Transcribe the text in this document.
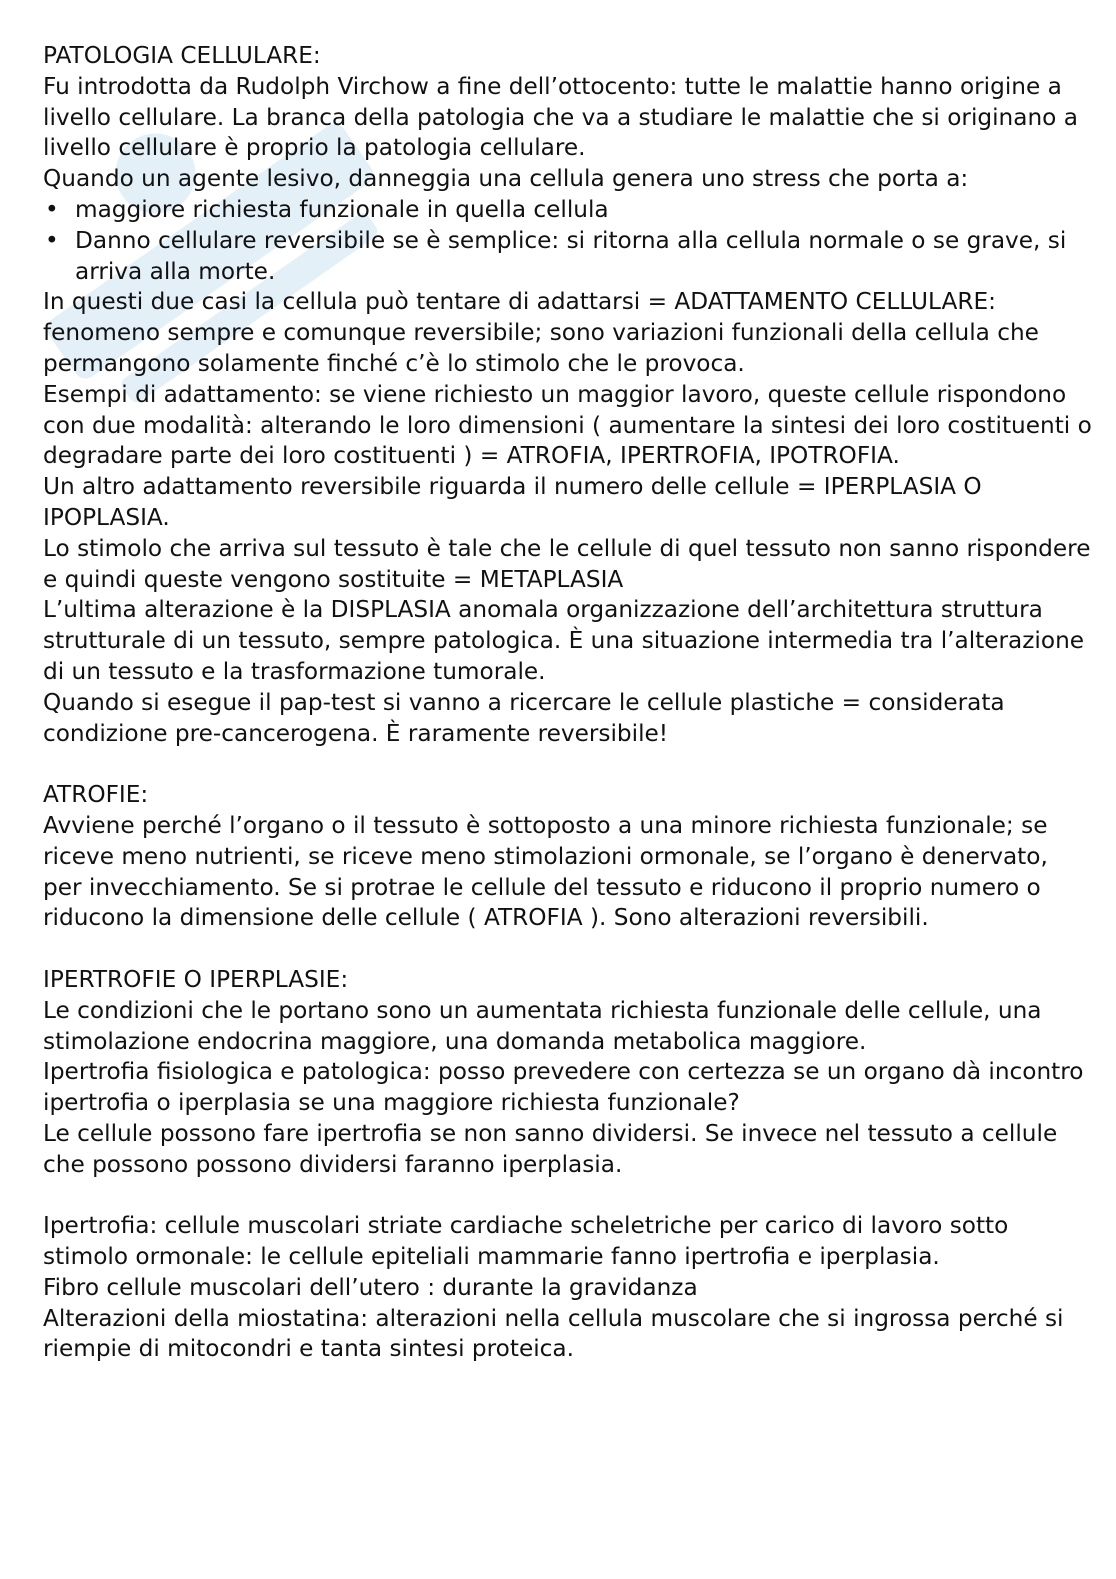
PATOLOGIA CELLULARE:

Fu introdotta da Rudolph Virchow a fine dell’ottocento: tutte le malattie hanno origine a livello cellulare. La branca della patologia che va a studiare le malattie che si originano a livello cellulare è proprio la patologia cellulare.

Quando un agente lesivo, danneggia una cellula genera uno stress che porta a:

• maggiore richiesta funzionale in quella cellula
• Danno cellulare reversibile se è semplice: si ritorna alla cellula normale o se grave, si arriva alla morte.

In questi due casi la cellula può tentare di adattarsi = ADATTAMENTO CELLULARE: fenomeno sempre e comunque reversibile; sono variazioni funzionali della cellula che permangono solamente finché c’è lo stimolo che le provoca.

Esempi di adattamento: se viene richiesto un maggior lavoro, queste cellule rispondono con due modalità: alterando le loro dimensioni ( aumentare la sintesi dei loro costituenti o degradare parte dei loro costituenti ) = ATROFIA, IPERTROFIA, IPOTROFIA.

Un altro adattamento reversibile riguarda il numero delle cellule = IPERPLASIA O IPOPLASIA.

Lo stimolo che arriva sul tessuto è tale che le cellule di quel tessuto non sanno rispondere e quindi queste vengono sostituite = METAPLASIA

L’ultima alterazione è la DISPLASIA anomala organizzazione dell’architettura struttura strutturale di un tessuto, sempre patologica. È una situazione intermedia tra l’alterazione di un tessuto e la trasformazione tumorale.

Quando si esegue il pap-test si vanno a ricercare le cellule plastiche = considerata condizione pre-cancerogena. È raramente reversibile!

ATROFIE:

Avviene perché l’organo o il tessuto è sottoposto a una minore richiesta funzionale; se riceve meno nutrienti, se riceve meno stimolazioni ormonale, se l’organo è denervato, per invecchiamento. Se si protrae le cellule del tessuto e riducono il proprio numero o riducono la dimensione delle cellule ( ATROFIA ). Sono alterazioni reversibili.

IPERTROFIE O IPERPLASIE:

Le condizioni che le portano sono un aumentata richiesta funzionale delle cellule, una stimolazione endocrina maggiore, una domanda metabolica maggiore.

Ipertrofia fisiologica e patologica: posso prevedere con certezza se un organo dà incontro ipertrofia o iperplasia se una maggiore richiesta funzionale?

Le cellule possono fare ipertrofia se non sanno dividersi. Se invece nel tessuto a cellule che possono possono dividersi faranno iperplasia.

Ipertrofia: cellule muscolari striate cardiache scheletriche per carico di lavoro sotto stimolo ormonale: le cellule epiteliali mammarie fanno ipertrofia e iperplasia.

Fibro cellule muscolari dell’utero : durante la gravidanza

Alterazioni della miostatina: alterazioni nella cellula muscolare che si ingrossa perché si riempie di mitocondri e tanta sintesi proteica.
